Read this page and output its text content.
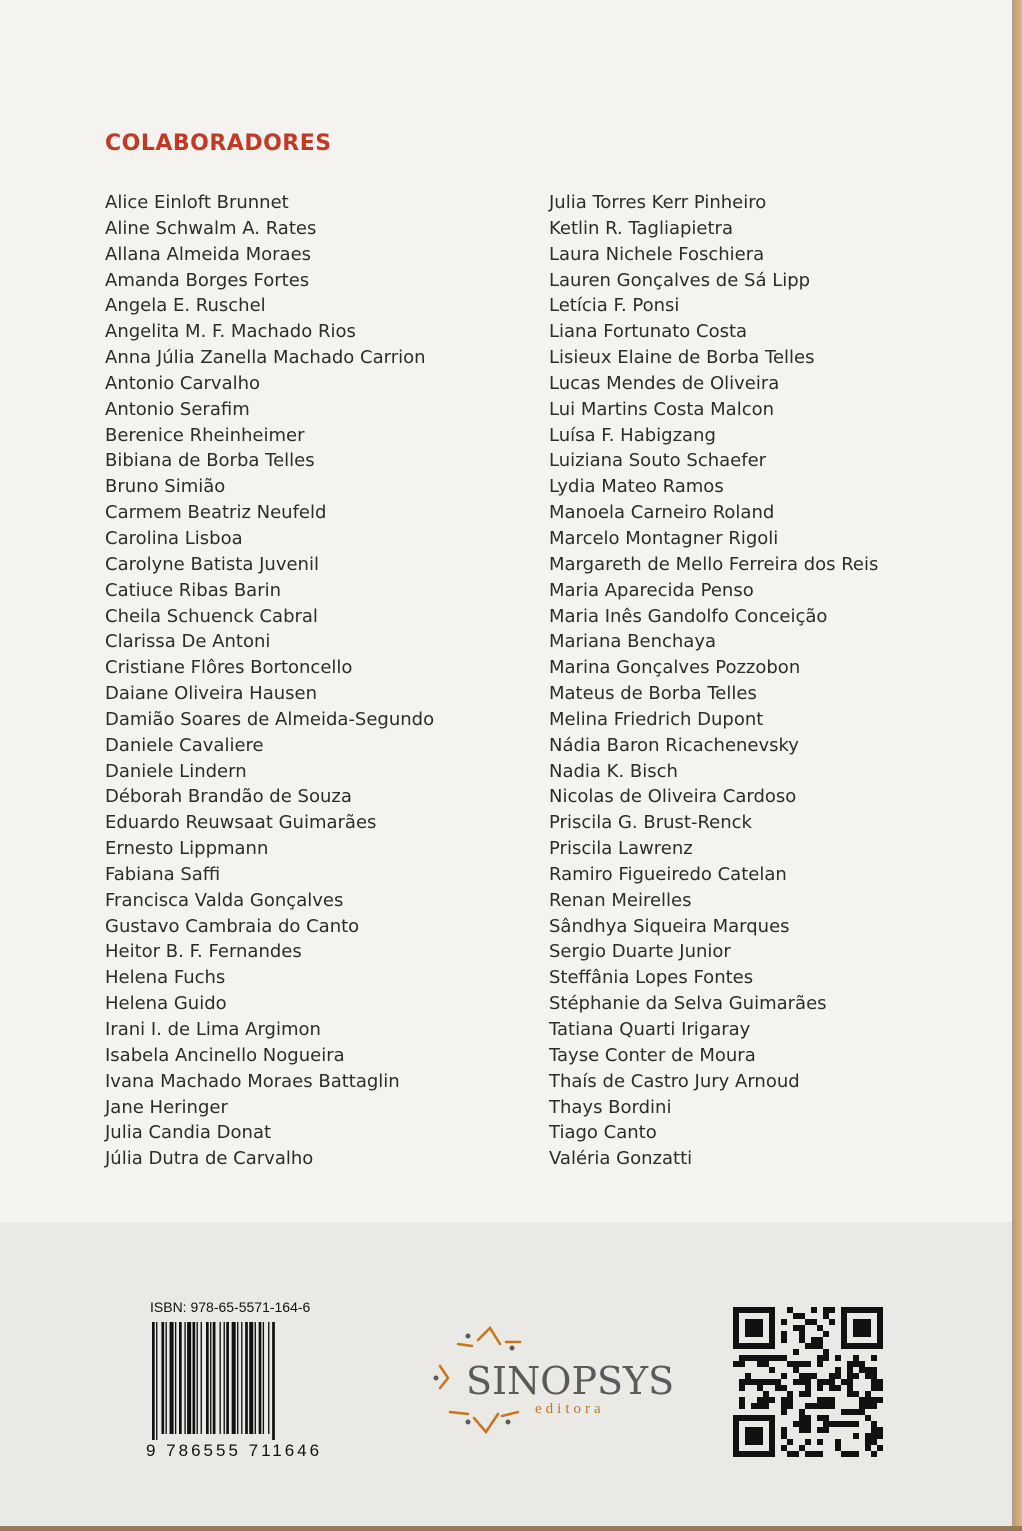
COLABORADORES
Alice Einloft Brunnet
Aline Schwalm A. Rates
Allana Almeida Moraes
Amanda Borges Fortes
Angela E. Ruschel
Angelita M. F. Machado Rios
Anna Júlia Zanella Machado Carrion
Antonio Carvalho
Antonio Serafim
Berenice Rheinheimer
Bibiana de Borba Telles
Bruno Simião
Carmem Beatriz Neufeld
Carolina Lisboa
Carolyne Batista Juvenil
Catiuce Ribas Barin
Cheila Schuenck Cabral
Clarissa De Antoni
Cristiane Flôres Bortoncello
Daiane Oliveira Hausen
Damião Soares de Almeida-Segundo
Daniele Cavaliere
Daniele Lindern
Déborah Brandão de Souza
Eduardo Reuwsaat Guimarães
Ernesto Lippmann
Fabiana Saffi
Francisca Valda Gonçalves
Gustavo Cambraia do Canto
Heitor B. F. Fernandes
Helena Fuchs
Helena Guido
Irani I. de Lima Argimon
Isabela Ancinello Nogueira
Ivana Machado Moraes Battaglin
Jane Heringer
Julia Candia Donat
Júlia Dutra de Carvalho
Julia Torres Kerr Pinheiro
Ketlin R. Tagliapietra
Laura Nichele Foschiera
Lauren Gonçalves de Sá Lipp
Letícia F. Ponsi
Liana Fortunato Costa
Lisieux Elaine de Borba Telles
Lucas Mendes de Oliveira
Lui Martins Costa Malcon
Luísa F. Habigzang
Luiziana Souto Schaefer
Lydia Mateo Ramos
Manoela Carneiro Roland
Marcelo Montagner Rigoli
Margareth de Mello Ferreira dos Reis
Maria Aparecida Penso
Maria Inês Gandolfo Conceição
Mariana Benchaya
Marina Gonçalves Pozzobon
Mateus de Borba Telles
Melina Friedrich Dupont
Nádia Baron Ricachenevsky
Nadia K. Bisch
Nicolas de Oliveira Cardoso
Priscila G. Brust-Renck
Priscila Lawrenz
Ramiro Figueiredo Catelan
Renan Meirelles
Sândhya Siqueira Marques
Sergio Duarte Junior
Steffânia Lopes Fontes
Stéphanie da Selva Guimarães
Tatiana Quarti Irigaray
Tayse Conter de Moura
Thaís de Castro Jury Arnoud
Thays Bordini
Tiago Canto
Valéria Gonzatti
ISBN: 978-65-5571-164-6
9 786555 711646
SINOPSYS
editora
